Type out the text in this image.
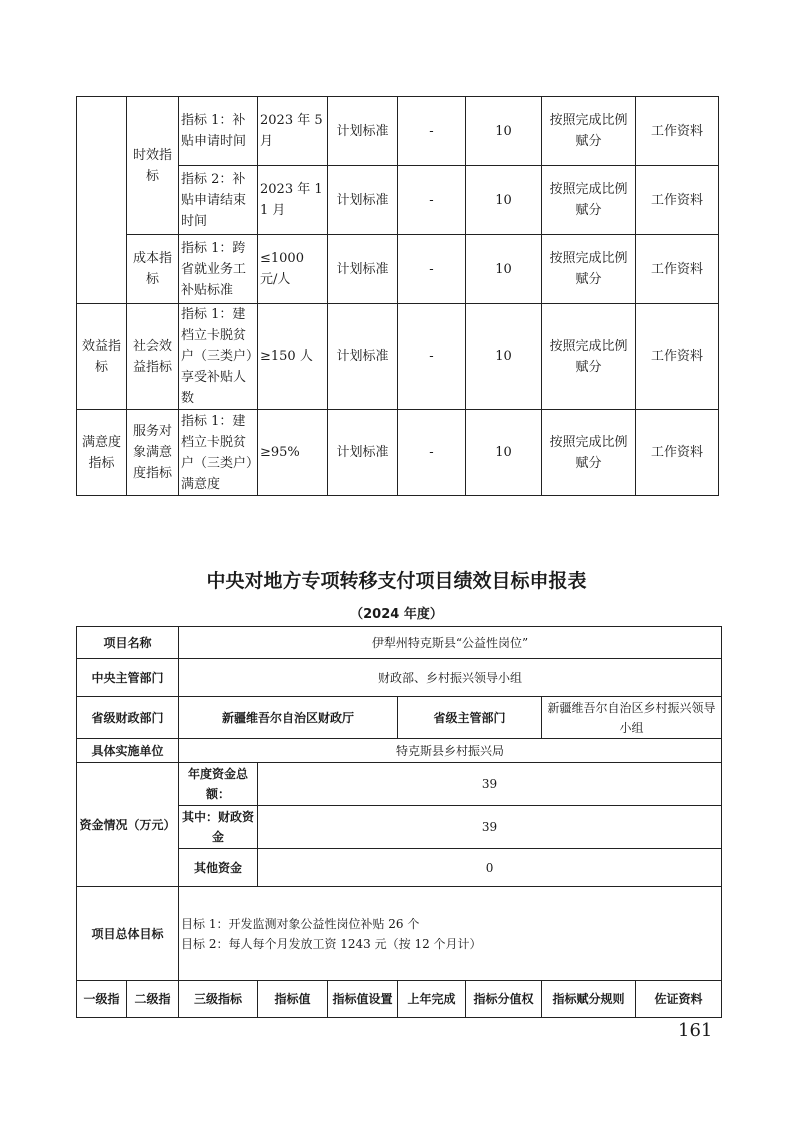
	时效指标	指标 1：补贴申请时间	2023 年 5 月	计划标准	-	10	按照完成比例赋分	工作资料
		指标 2：补贴申请结束时间	2023 年 11 月	计划标准	-	10	按照完成比例赋分	工作资料
	成本指标	指标 1：跨省就业务工补贴标准	≤1000 元/人	计划标准	-	10	按照完成比例赋分	工作资料
效益指标	社会效益指标	指标 1：建档立卡脱贫户（三类户）享受补贴人数	≥150 人	计划标准	-	10	按照完成比例赋分	工作资料
满意度指标	服务对象满意度指标	指标 1：建档立卡脱贫户（三类户）满意度	≥95%	计划标准	-	10	按照完成比例赋分	工作资料
中央对地方专项转移支付项目绩效目标申报表
（2024 年度）
项目名称		伊犁州特克斯县“公益性岗位”						
中央主管部门		财政部、乡村振兴领导小组						
省级财政部门		新疆维吾尔自治区财政厅			省级主管部门		新疆维吾尔自治区乡村振兴领导小组	
具体实施单位		特克斯县乡村振兴局						
资金情况（万元）		年度资金总额：	39					
		其中：财政资金	39					
		其他资金	0					
项目总体目标		目标 1：开发监测对象公益性岗位补贴 26 个
目标 2：每人每个月发放工资 1243 元（按 12 个月计）						

一级指	二级指	三级指标	指标值	指标值设置	上年完成	指标分值权	指标赋分规则	佐证资料
161
